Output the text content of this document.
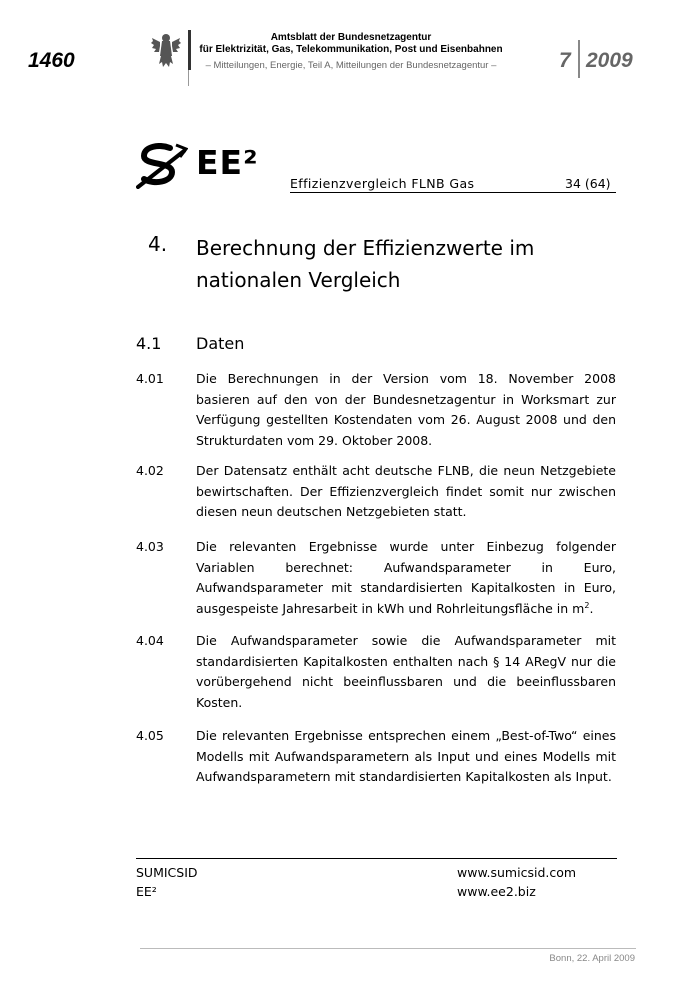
1460
Amtsblatt der Bundesnetzagentur
für Elektrizität, Gas, Telekommunikation, Post und Eisenbahnen
– Mitteilungen, Energie, Teil A, Mitteilungen der Bundesnetzagentur –	7 2009
EE²
Effizienzvergleich FLNB Gas	34 (64)
4. Berechnung der Effizienzwerte im nationalen Vergleich
4.1 Daten
4.01	Die Berechnungen in der Version vom 18. November 2008 basieren auf den von der Bundesnetzagentur in Worksmart zur Verfügung gestellten Kostendaten vom 26. August 2008 und den Strukturdaten vom 29. Oktober 2008.
4.02	Der Datensatz enthält acht deutsche FLNB, die neun Netzgebiete bewirtschaften. Der Effizienzvergleich findet somit nur zwischen diesen neun deutschen Netzgebieten statt.
4.03	Die relevanten Ergebnisse wurde unter Einbezug folgender Variablen berechnet: Aufwandsparameter in Euro, Aufwandsparameter mit standardisierten Kapitalkosten in Euro, ausgespeiste Jahresarbeit in kWh und Rohrleitungsfläche in $m^2$.
4.04	Die Aufwandsparameter sowie die Aufwandsparameter mit standardisierten Kapitalkosten enthalten nach § 14 ARegV nur die vorübergehend nicht beeinflussbaren und die beeinflussbaren Kosten.
4.05	Die relevanten Ergebnisse entsprechen einem „Best-of-Two“ eines Modells mit Aufwandsparametern als Input und eines Modells mit Aufwandsparametern mit standardisierten Kapitalkosten als Input.
SUMICSID
EE²
www.sumicsid.com
www.ee2.biz
Bonn, 22. April 2009
